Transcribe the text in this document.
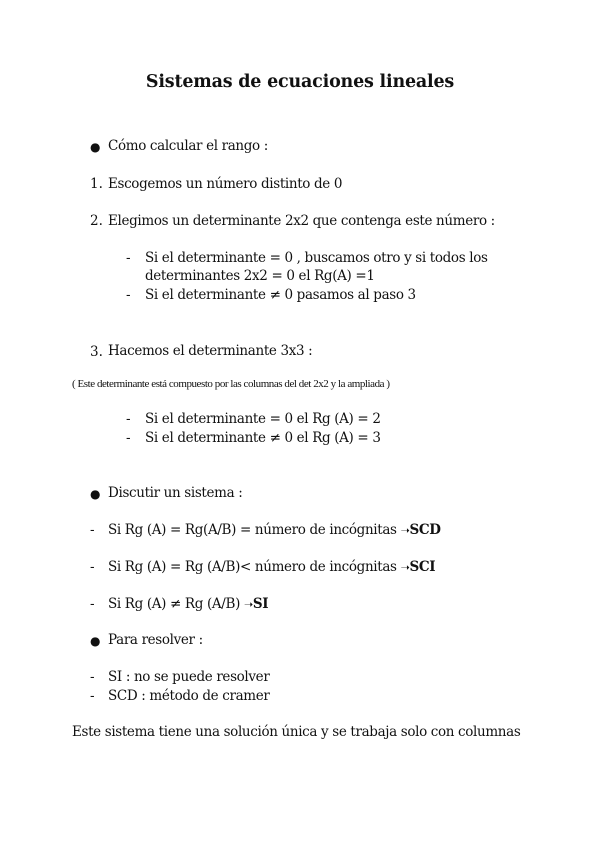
Sistemas de ecuaciones lineales
● Cómo calcular el rango :
1. Escogemos un número distinto de 0
2. Elegimos un determinante 2x2 que contenga este número :
- Si el determinante = 0 , buscamos otro y si todos los
determinantes 2x2 = 0 el Rg(A) =1
- Si el determinante ≠ 0 pasamos al paso 3
3. Hacemos el determinante 3x3 :
( Este determinante está compuesto por las columnas del det 2x2 y la ampliada )
- Si el determinante = 0 el Rg (A) = 2
- Si el determinante ≠ 0 el Rg (A) = 3
● Discutir un sistema :
- Si Rg (A) = Rg(A/B) = número de incógnitas ➝SCD
- Si Rg (A) = Rg (A/B)< número de incógnitas ➝SCI
- Si Rg (A) ≠ Rg (A/B) ➝SI
● Para resolver :
- SI : no se puede resolver
- SCD : método de cramer
Este sistema tiene una solución única y se trabaja solo con columnas
